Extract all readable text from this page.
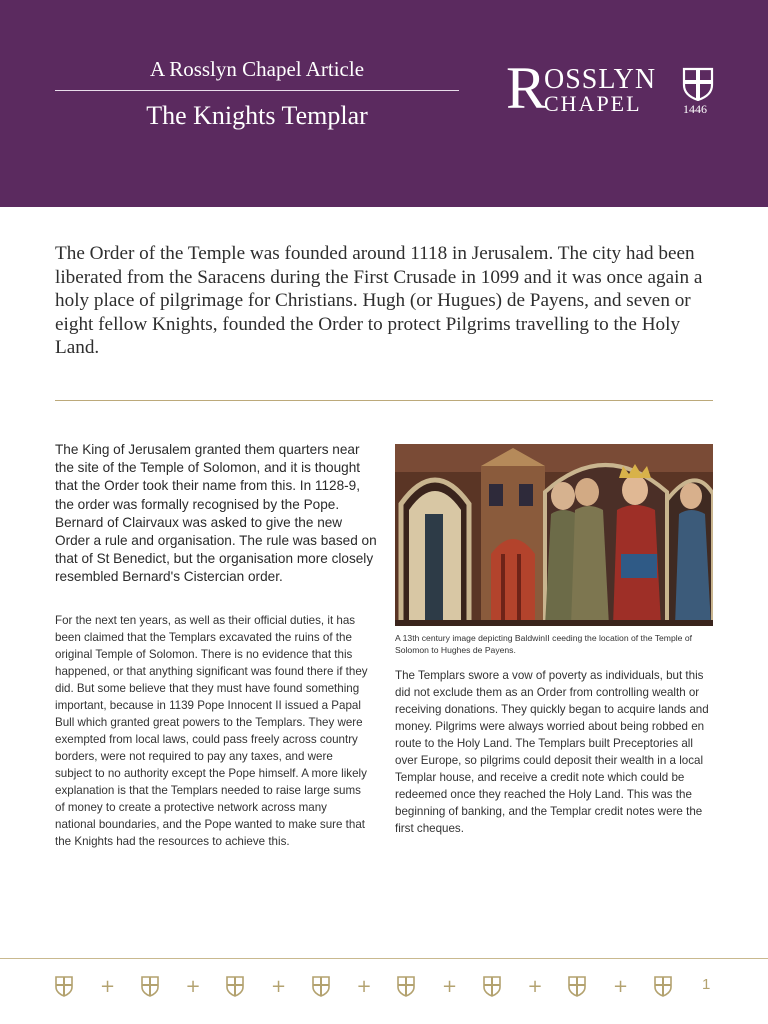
A Rosslyn Chapel Article
The Knights Templar	R
OSSLYN
CHAPEL	1446

The Order of the Temple was founded around 1118 in Jerusalem. The city had been liberated from the Saracens during the First Crusade in 1099 and it was once again a holy place of pilgrimage for Christians. Hugh (or Hugues) de Payens, and seven or eight fellow Knights, founded the Order to protect Pilgrims travelling to the Holy Land.

The King of Jerusalem granted them quarters near the site of the Temple of Solomon, and it is thought that the Order took their name from this. In 1128-9, the order was formally recognised by the Pope. Bernard of Clairvaux was asked to give the new Order a rule and organisation. The rule was based on that of St Benedict, but the organisation more closely resembled Bernard's Cistercian order.

For the next ten years, as well as their official duties, it has been claimed that the Templars excavated the ruins of the original Temple of Solomon. There is no evidence that this happened, or that anything significant was found there if they did. But some believe that they must have found something important, because in 1139 Pope Innocent II issued a Papal Bull which granted great powers to the Templars. They were exempted from local laws, could pass freely across country borders, were not required to pay any taxes, and were subject to no authority except the Pope himself. A more likely explanation is that the Templars needed to raise large sums of money to create a protective network across many national boundaries, and the Pope wanted to make sure that the Knights had the resources to achieve this.

A 13th century image depicting BaldwinII ceeding the location of the Temple of Solomon to Hughes de Payens.

The Templars swore a vow of poverty as individuals, but this did not exclude them as an Order from controlling wealth or receiving donations. They quickly began to acquire lands and money. Pilgrims were always worried about being robbed en route to the Holy Land. The Templars built Preceptories all over Europe, so pilgrims could deposit their wealth in a local Templar house, and receive a credit note which could be redeemed once they reached the Holy Land. This was the beginning of banking, and the Templar credit notes were the first cheques.

+	+	+	+	+	+	+	1
